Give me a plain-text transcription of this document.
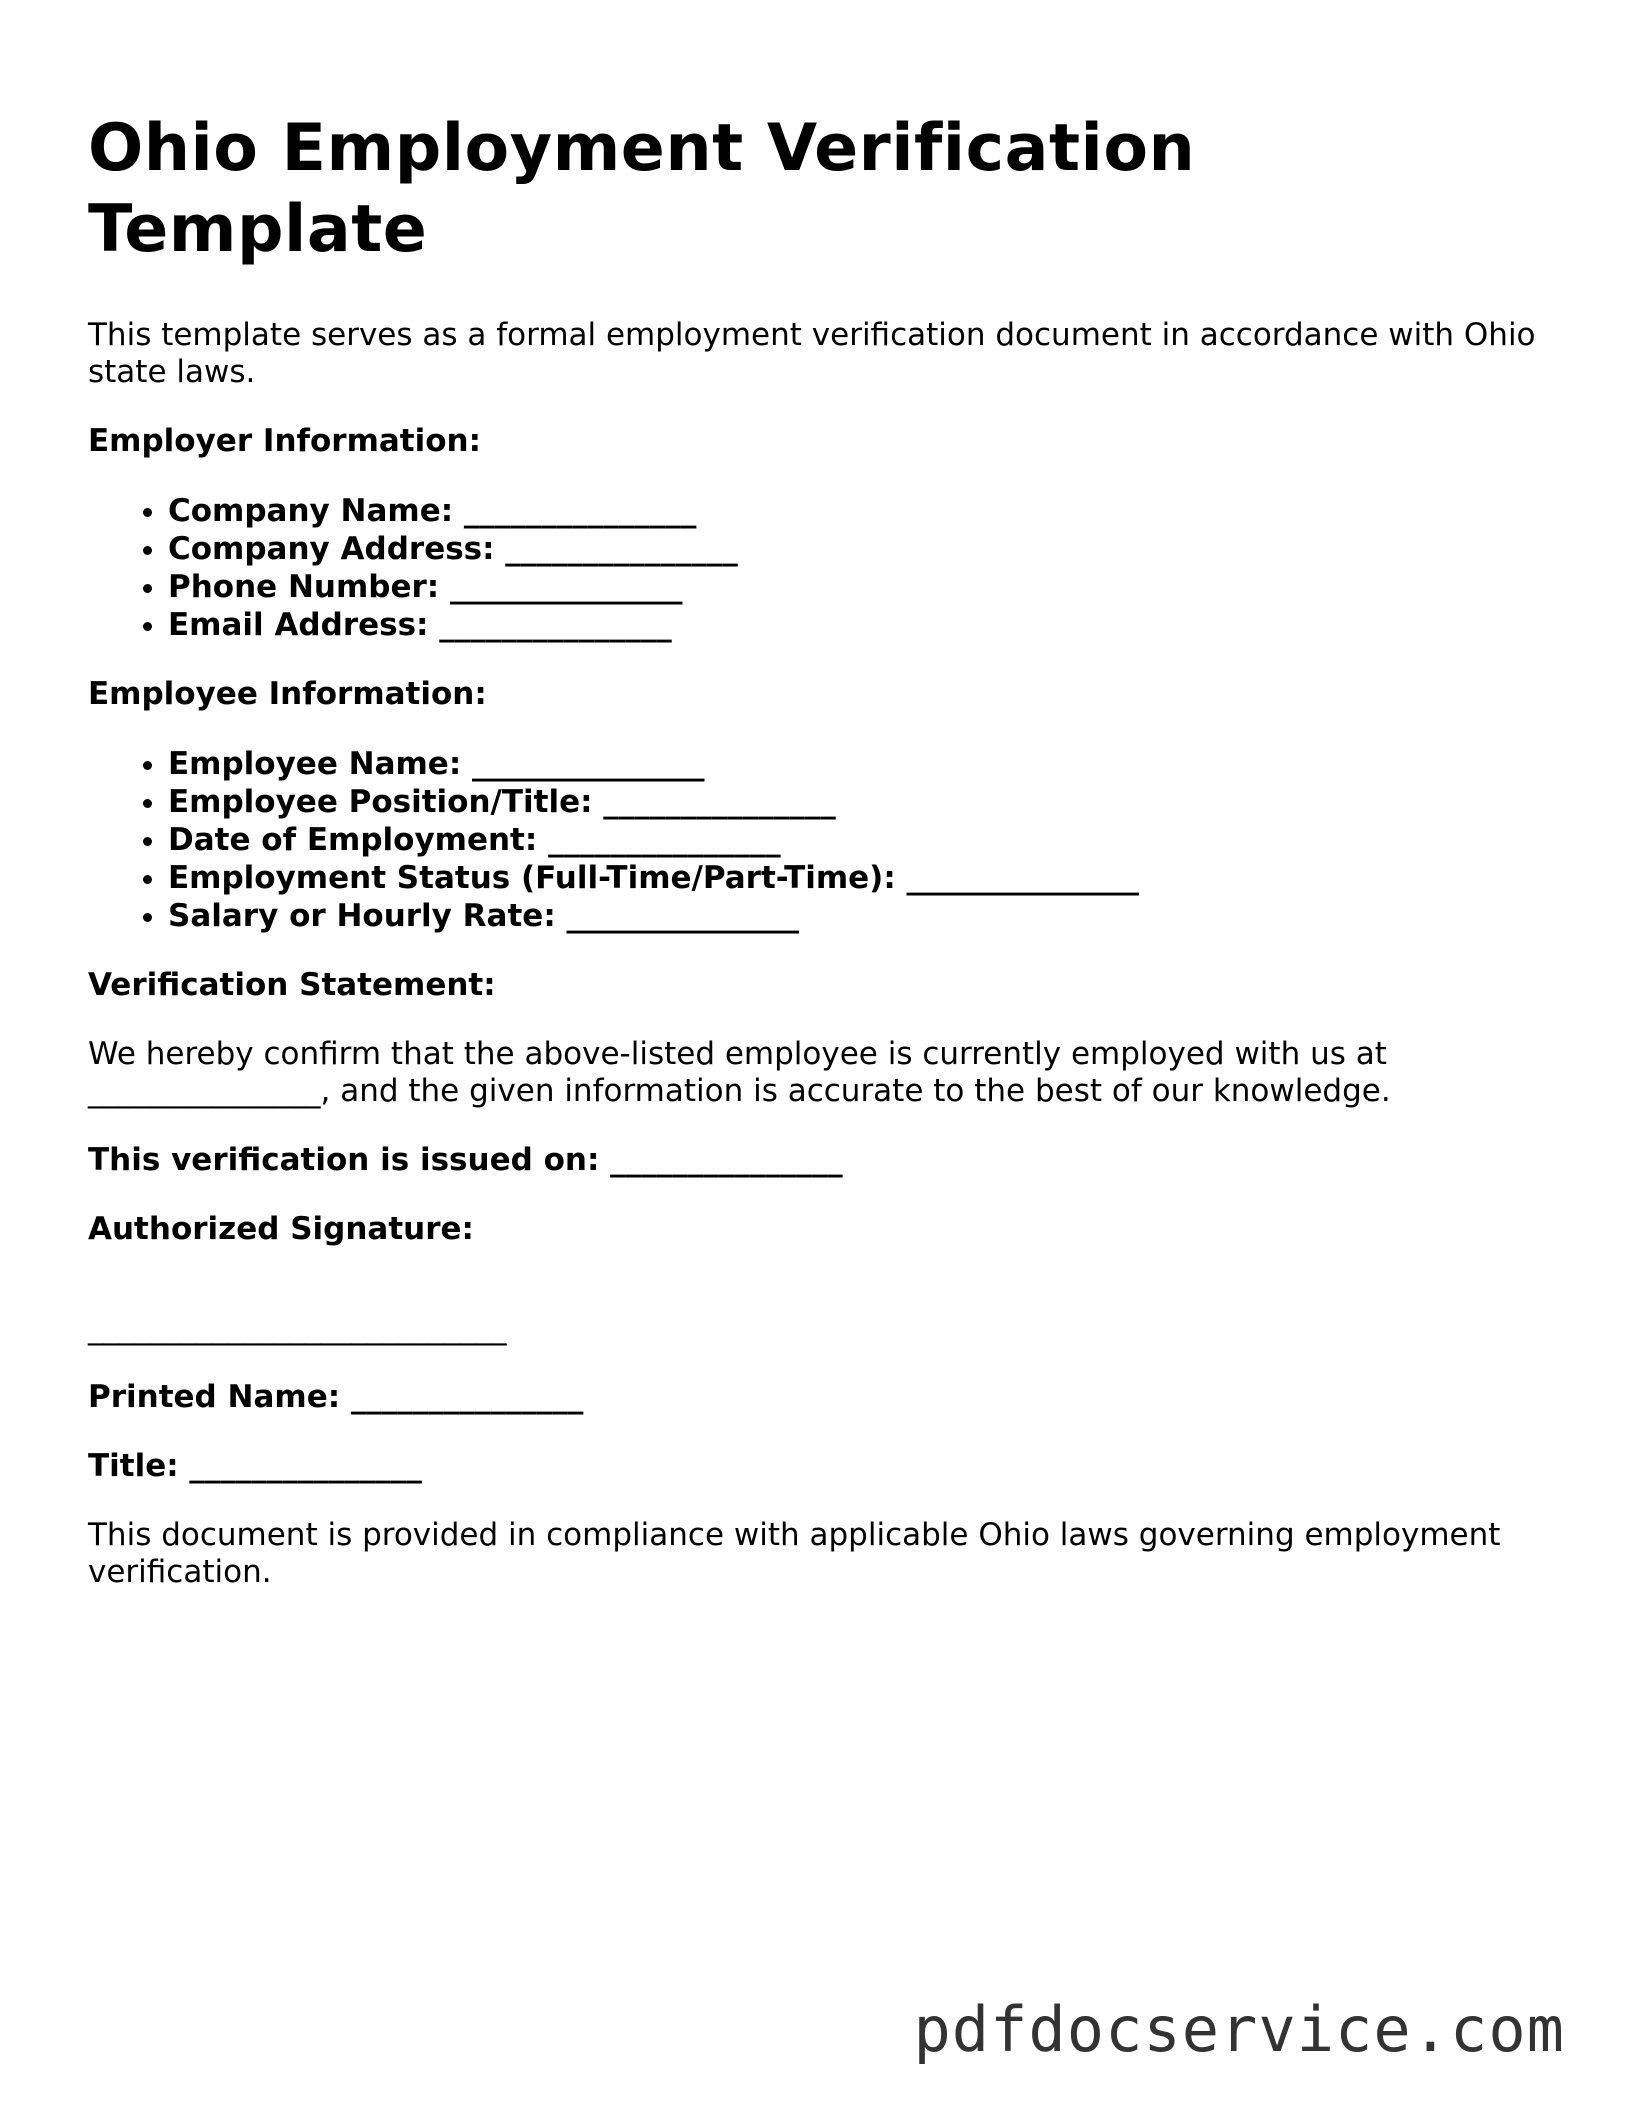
Ohio Employment Verification Template

This template serves as a formal employment verification document in accordance with Ohio state laws.

Employer Information:

• Company Name: _______________
• Company Address: _______________
• Phone Number: _______________
• Email Address: _______________

Employee Information:

• Employee Name: _______________
• Employee Position/Title: _______________
• Date of Employment: _______________
• Employment Status (Full-Time/Part-Time): _______________
• Salary or Hourly Rate: _______________

Verification Statement:

We hereby confirm that the above-listed employee is currently employed with us at _______________, and the given information is accurate to the best of our knowledge.

This verification is issued on: _______________

Authorized Signature:

___________________________

Printed Name: _______________

Title: _______________

This document is provided in compliance with applicable Ohio laws governing employment verification.

pdfdocservice.com
